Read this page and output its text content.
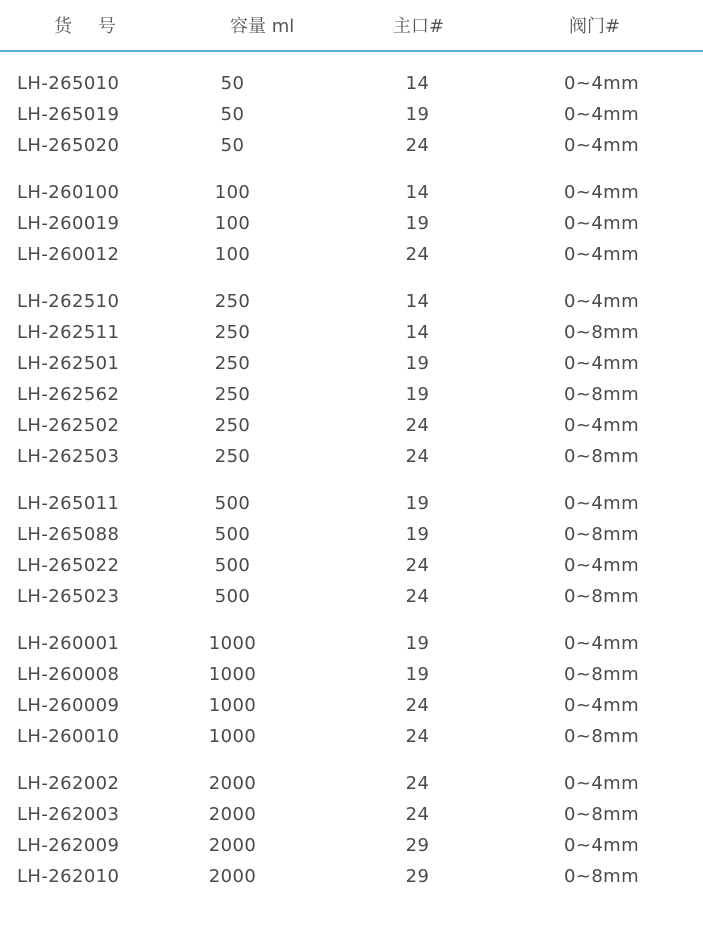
货 号	容量 ml	主口#	阀门#
LH-265010	50	14	0~4mm
LH-265019	50	19	0~4mm
LH-265020	50	24	0~4mm
LH-260100	100	14	0~4mm
LH-260019	100	19	0~4mm
LH-260012	100	24	0~4mm
LH-262510	250	14	0~4mm
LH-262511	250	14	0~8mm
LH-262501	250	19	0~4mm
LH-262562	250	19	0~8mm
LH-262502	250	24	0~4mm
LH-262503	250	24	0~8mm
LH-265011	500	19	0~4mm
LH-265088	500	19	0~8mm
LH-265022	500	24	0~4mm
LH-265023	500	24	0~8mm
LH-260001	1000	19	0~4mm
LH-260008	1000	19	0~8mm
LH-260009	1000	24	0~4mm
LH-260010	1000	24	0~8mm
LH-262002	2000	24	0~4mm
LH-262003	2000	24	0~8mm
LH-262009	2000	29	0~4mm
LH-262010	2000	29	0~8mm
